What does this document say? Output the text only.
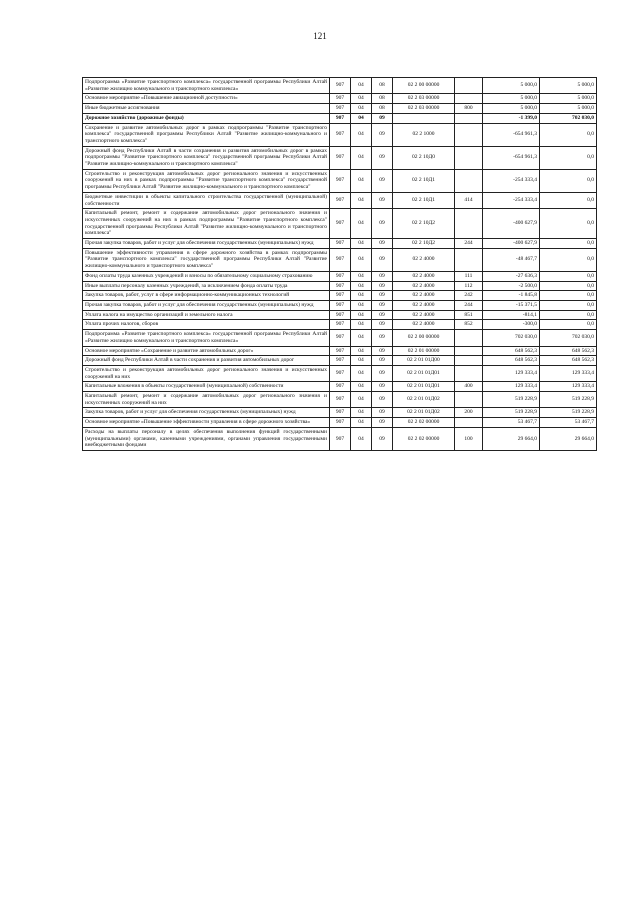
121
Подпрограмма «Развитие транспортного комплекса» государственной программы Республики Алтай «Развитие жилищно коммунального и транспортного комплекса»	907	04	08	02 2 00 00000		5 000,0	5 000,0
Основное мероприятие «Повышение авиационной доступности»	907	04	08	02 2 03 00000		5 000,0	5 000,0
Иные бюджетные ассигнования	907	04	08	02 2 03 00000	800	5 000,0	5 000,0
Дорожное хозяйство (дорожные фонды)	907	04	09			-1 399,0	702 030,0
Сохранение и развитие автомобильных дорог в рамках подпрограммы "Развитие транспортного комплекса" государственной программы Республики Алтай "Развитие жилищно-коммунального и транспортного комплекса"	907	04	09	02 2 1000		-654 961,3	0,0
Дорожный фонд Республики Алтай в части сохранения и развития автомобильных дорог в рамках подпрограммы "Развитие транспортного комплекса" государственной программы Республики Алтай "Развитие жилищно-коммунального и транспортного комплекса"	907	04	09	02 2 10Д0		-654 961,3	0,0
Строительство и реконструкция автомобильных дорог регионального значения и искусственных сооружений на них в рамках подпрограммы "Развитие транспортного комплекса" государственной программы Республики Алтай "Развитие жилищно-коммунального и транспортного комплекса"	907	04	09	02 2 10Д1		-254 333,4	0,0
Бюджетные инвестиции в объекты капитального строительства государственной (муниципальной) собственности	907	04	09	02 2 10Д1	414	-254 333,4	0,0
Капитальный ремонт, ремонт и содержание автомобильных дорог регионального значения и искусственных сооружений на них в рамках подпрограммы "Развитие транспортного комплекса" государственной программы Республики Алтай "Развитие жилищно-коммунального и транспортного комплекса"	907	04	09	02 2 10Д2		-400 627,9	0,0
Прочая закупка товаров, работ и услуг для обеспечения государственных (муниципальных) нужд	907	04	09	02 2 10Д2	244	-400 627,9	0,0
Повышение эффективности управления в сфере дорожного хозяйства в рамках подпрограммы "Развитие транспортного комплекса" государственной программы Республики Алтай "Развитие жилищно-коммунального и транспортного комплекса"	907	04	09	02 2 4000		-48 467,7	0,0
Фонд оплаты труда казенных учреждений и взносы по обязательному социальному страхованию	907	04	09	02 2 4000	111	-27 636,3	0,0
Иные выплаты персоналу казенных учреждений, за исключением фонда оплаты труда	907	04	09	02 2 4000	112	-2 500,0	0,0
Закупка товаров, работ, услуг в сфере информационно-коммуникационных технологий	907	04	09	02 2 4000	242	-1 845,8	0,0
Прочая закупка товаров, работ и услуг для обеспечения государственных (муниципальных) нужд	907	04	09	02 2 4000	244	-15 371,5	0,0
Уплата налога на имущество организаций и земельного налога	907	04	09	02 2 4000	851	-814,1	0,0
Уплата прочих налогов, сборов	907	04	09	02 2 4000	852	-300,0	0,0
Подпрограмма «Развитие транспортного комплекса» государственной программы Республики Алтай «Развитие жилищно коммунального и транспортного комплекса»	907	04	09	02 2 00 00000		702 030,0	702 030,0
Основное мероприятие «Сохранение и развитие автомобильных дорог»	907	04	09	02 2 01 00000		648 562,3	648 562,3
Дорожный фонд Республики Алтай в части сохранения и развития автомобильных дорог	907	04	09	02 2 01 01Д00		648 562,3	648 562,3
Строительство и реконструкция автомобильных дорог регионального значения и искусственных сооружений на них	907	04	09	02 2 01 01Д01		129 333,4	129 333,4
Капитальные вложения в объекты государственной (муниципальной) собственности	907	04	09	02 2 01 01Д01	400	129 333,4	129 333,4
Капитальный ремонт, ремонт и содержание автомобильных дорог регионального значения и искусственных сооружений на них	907	04	09	02 2 01 01Д02		519 228,9	519 228,9
Закупка товаров, работ и услуг для обеспечения государственных (муниципальных) нужд	907	04	09	02 2 01 01Д02	200	519 228,9	519 228,9
Основное мероприятие «Повышение эффективности управления в сфере дорожного хозяйства»	907	04	09	02 2 02 00000		53 467,7	53 467,7
Расходы на выплаты персоналу в целях обеспечения выполнения функций государственными (муниципальными) органами, казенными учреждениями, органами управления государственными внебюджетными фондами	907	04	09	02 2 02 00000	100	29 664,0	29 664,0
